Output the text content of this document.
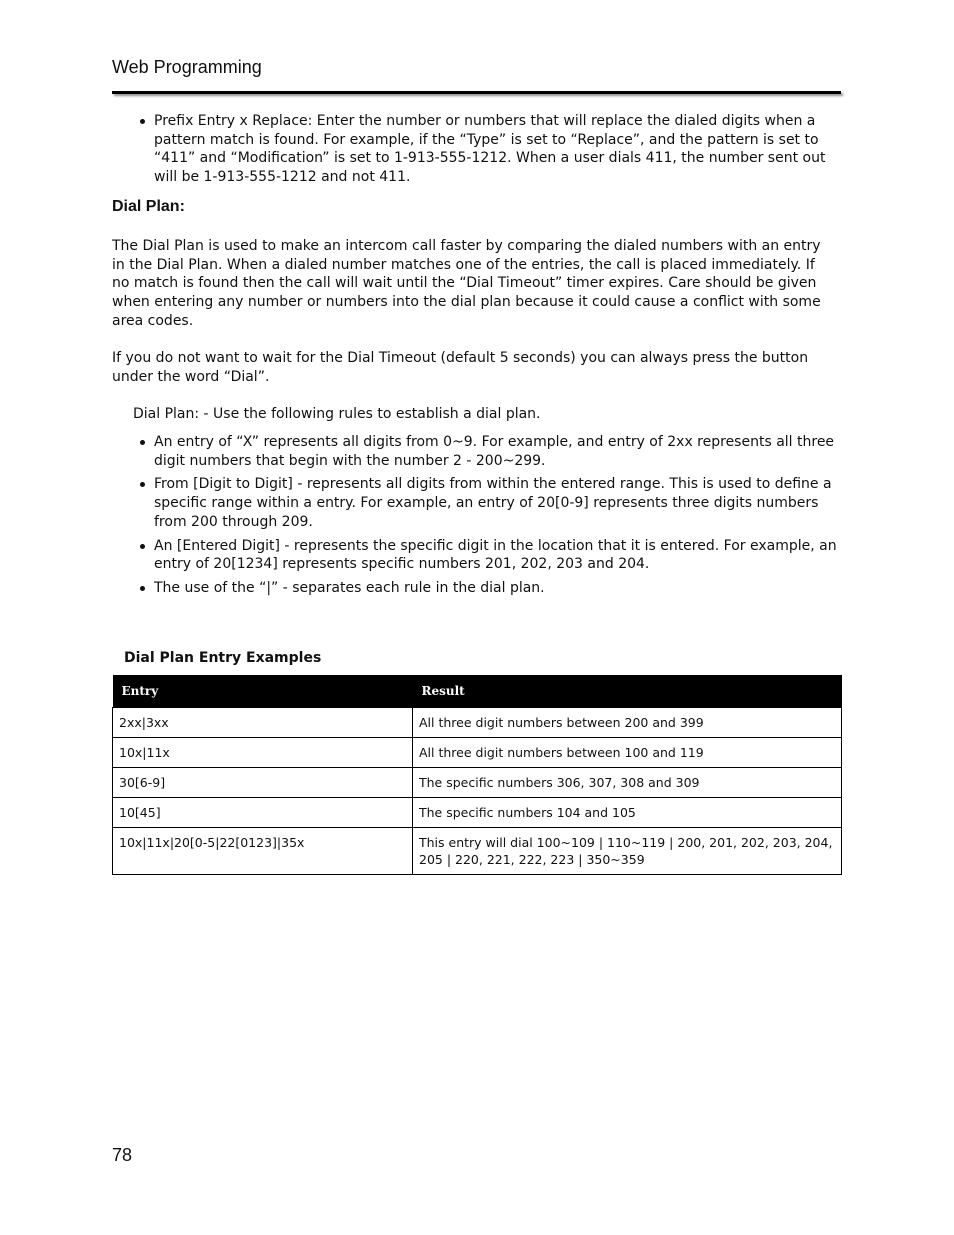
Web Programming
Prefix Entry x Replace: Enter the number or numbers that will replace the dialed digits when a pattern match is found. For example, if the “Type” is set to “Replace”, and the pattern is set to “411” and “Modification” is set to 1-913-555-1212. When a user dials 411, the number sent out will be 1-913-555-1212 and not 411.
Dial Plan:
The Dial Plan is used to make an intercom call faster by comparing the dialed numbers with an entry in the Dial Plan. When a dialed number matches one of the entries, the call is placed immediately. If no match is found then the call will wait until the “Dial Timeout” timer expires. Care should be given when entering any number or numbers into the dial plan because it could cause a conflict with some area codes.
If you do not want to wait for the Dial Timeout (default 5 seconds) you can always press the button under the word “Dial”.
Dial Plan: - Use the following rules to establish a dial plan.
An entry of “X” represents all digits from 0~9. For example, and entry of 2xx represents all three digit numbers that begin with the number 2 - 200~299.
From [Digit to Digit] - represents all digits from within the entered range. This is used to define a specific range within a entry. For example, an entry of 20[0-9] represents three digits numbers from 200 through 209.
An [Entered Digit] - represents the specific digit in the location that it is entered. For example, an entry of 20[1234] represents specific numbers 201, 202, 203 and 204.
The use of the “|” - separates each rule in the dial plan.
Dial Plan Entry Examples
Entry	Result
2xx|3xx	All three digit numbers between 200 and 399
10x|11x	All three digit numbers between 100 and 119
30[6-9]	The specific numbers 306, 307, 308 and 309
10[45]	The specific numbers 104 and 105
10x|11x|20[0-5|22[0123]|35x	This entry will dial 100~109 | 110~119 | 200, 201, 202, 203, 204, 205 | 220, 221, 222, 223 | 350~359
78
